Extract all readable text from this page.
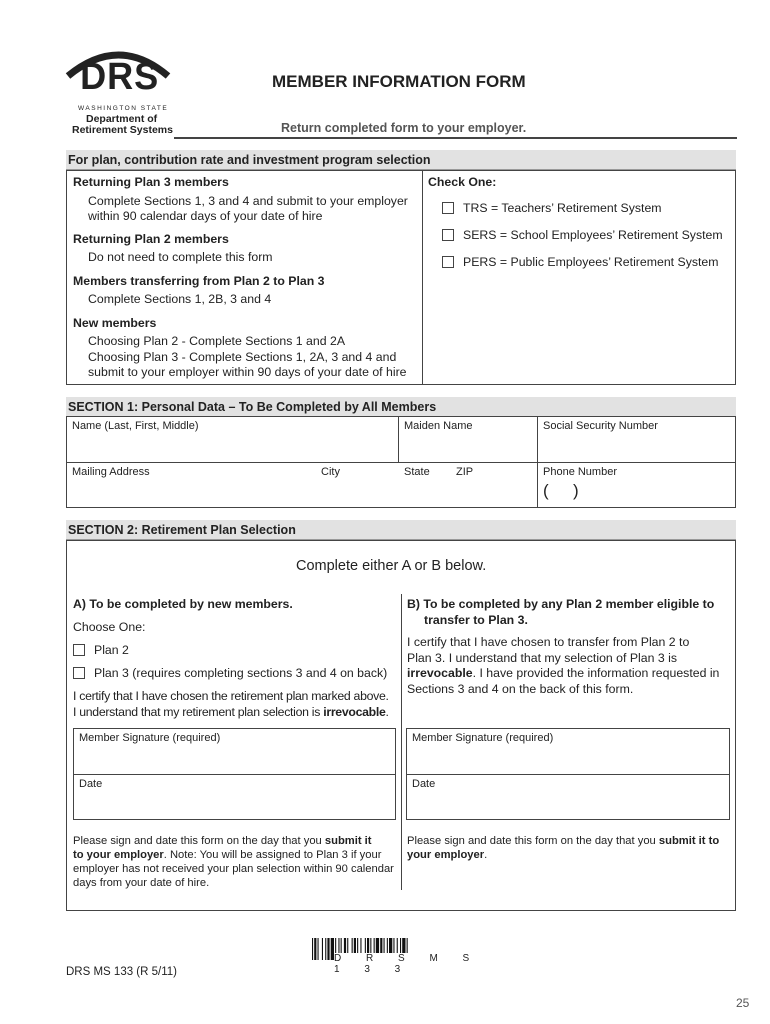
DRS
WASHINGTON STATE
Department of
Retirement Systems
MEMBER INFORMATION FORM
Return completed form to your employer.
For plan, contribution rate and investment program selection
Returning Plan 3 members
Complete Sections 1, 3 and 4 and submit to your employer
within 90 calendar days of your date of hire
Returning Plan 2 members
Do not need to complete this form
Members transferring from Plan 2 to Plan 3
Complete Sections 1, 2B, 3 and 4
New members
Choosing Plan 2 - Complete Sections 1 and 2A
Choosing Plan 3 - Complete Sections 1, 2A, 3 and 4 and
submit to your employer within 90 days of your date of hire
Check One:
TRS = Teachers’ Retirement System
SERS = School Employees’ Retirement System
PERS = Public Employees’ Retirement System
SECTION 1: Personal Data – To Be Completed by All Members
Name (Last, First, Middle)	Maiden Name	Social Security Number
Mailing Address	City	State ZIP	Phone Number
( )
SECTION 2: Retirement Plan Selection
Complete either A or B below.
A) To be completed by new members.
Choose One:
Plan 2
Plan 3 (requires completing sections 3 and 4 on back)
I certify that I have chosen the retirement plan marked above.
I understand that my retirement plan selection is irrevocable.
Member Signature (required)
Date
Please sign and date this form on the day that you submit it
to your employer. Note: You will be assigned to Plan 3 if your
employer has not received your plan selection within 90 calendar
days from your date of hire.
B) To be completed by any Plan 2 member eligible to
transfer to Plan 3.
I certify that I have chosen to transfer from Plan 2 to
Plan 3. I understand that my selection of Plan 3 is
irrevocable. I have provided the information requested in
Sections 3 and 4 on the back of this form.
Member Signature (required)
Date
Please sign and date this form on the day that you submit it to
your employer.
D R S M S 1 3 3
DRS MS 133 (R 5/11)
25
